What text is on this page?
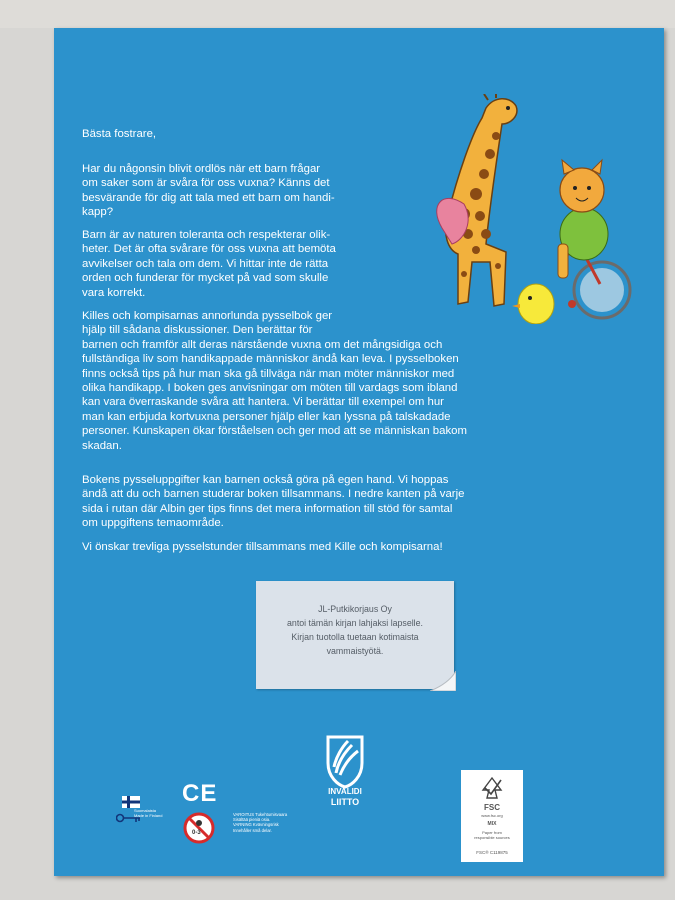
Bästa fostrare,

Har du någonsin blivit ordlös när ett barn frågar
om saker som är svåra för oss vuxna? Känns det
besvärande för dig att tala med ett barn om handi-
kapp?

Barn är av naturen toleranta och respekterar olik-
heter. Det är ofta svårare för oss vuxna att bemöta
avvikelser och tala om dem. Vi hittar inte de rätta
orden och funderar för mycket på vad som skulle
vara korrekt.

Killes och kompisarnas annorlunda pysselbok ger
hjälp till sådana diskussioner. Den berättar för
barnen och framför allt deras närstående vuxna om det mångsidiga och
fullständiga liv som handikappade människor ändå kan leva. I pysselboken
finns också tips på hur man ska gå tillväga när man möter människor med
olika handikapp. I boken ges anvisningar om möten till vardags som ibland
kan vara överraskande svåra att hantera. Vi berättar till exempel om hur
man kan erbjuda kortvuxna personer hjälp eller kan lyssna på talskadade
personer. Kunskapen ökar förståelsen och ger mod att se människan bakom
skadan.

Bokens pysseluppgifter kan barnen också göra på egen hand. Vi hoppas
ändå att du och barnen studerar boken tillsammans. I nedre kanten på varje
sida i rutan där Albin ger tips finns det mera information till stöd för samtal
om uppgiftens temaområde.

Vi önskar trevliga pysselstunder tillsammans med Kille och kompisarna!

JL-Putkikorjaus Oy
antoi tämän kirjan lahjaksi lapselle.
Kirjan tuotolla tuetaan kotimaista
vammaistyötä.
Suomalaista
Made in Finland
CE
0-3
VAROITUS Tukehtumisvaara
Sisältää pieniä osia.
VARNING Kvävningsrisk
Innehåller små delar.
INVALIDI
LIITTO
FSC
www.fsc.org
MIX
Paper from
responsible sources
FSC® C119875
